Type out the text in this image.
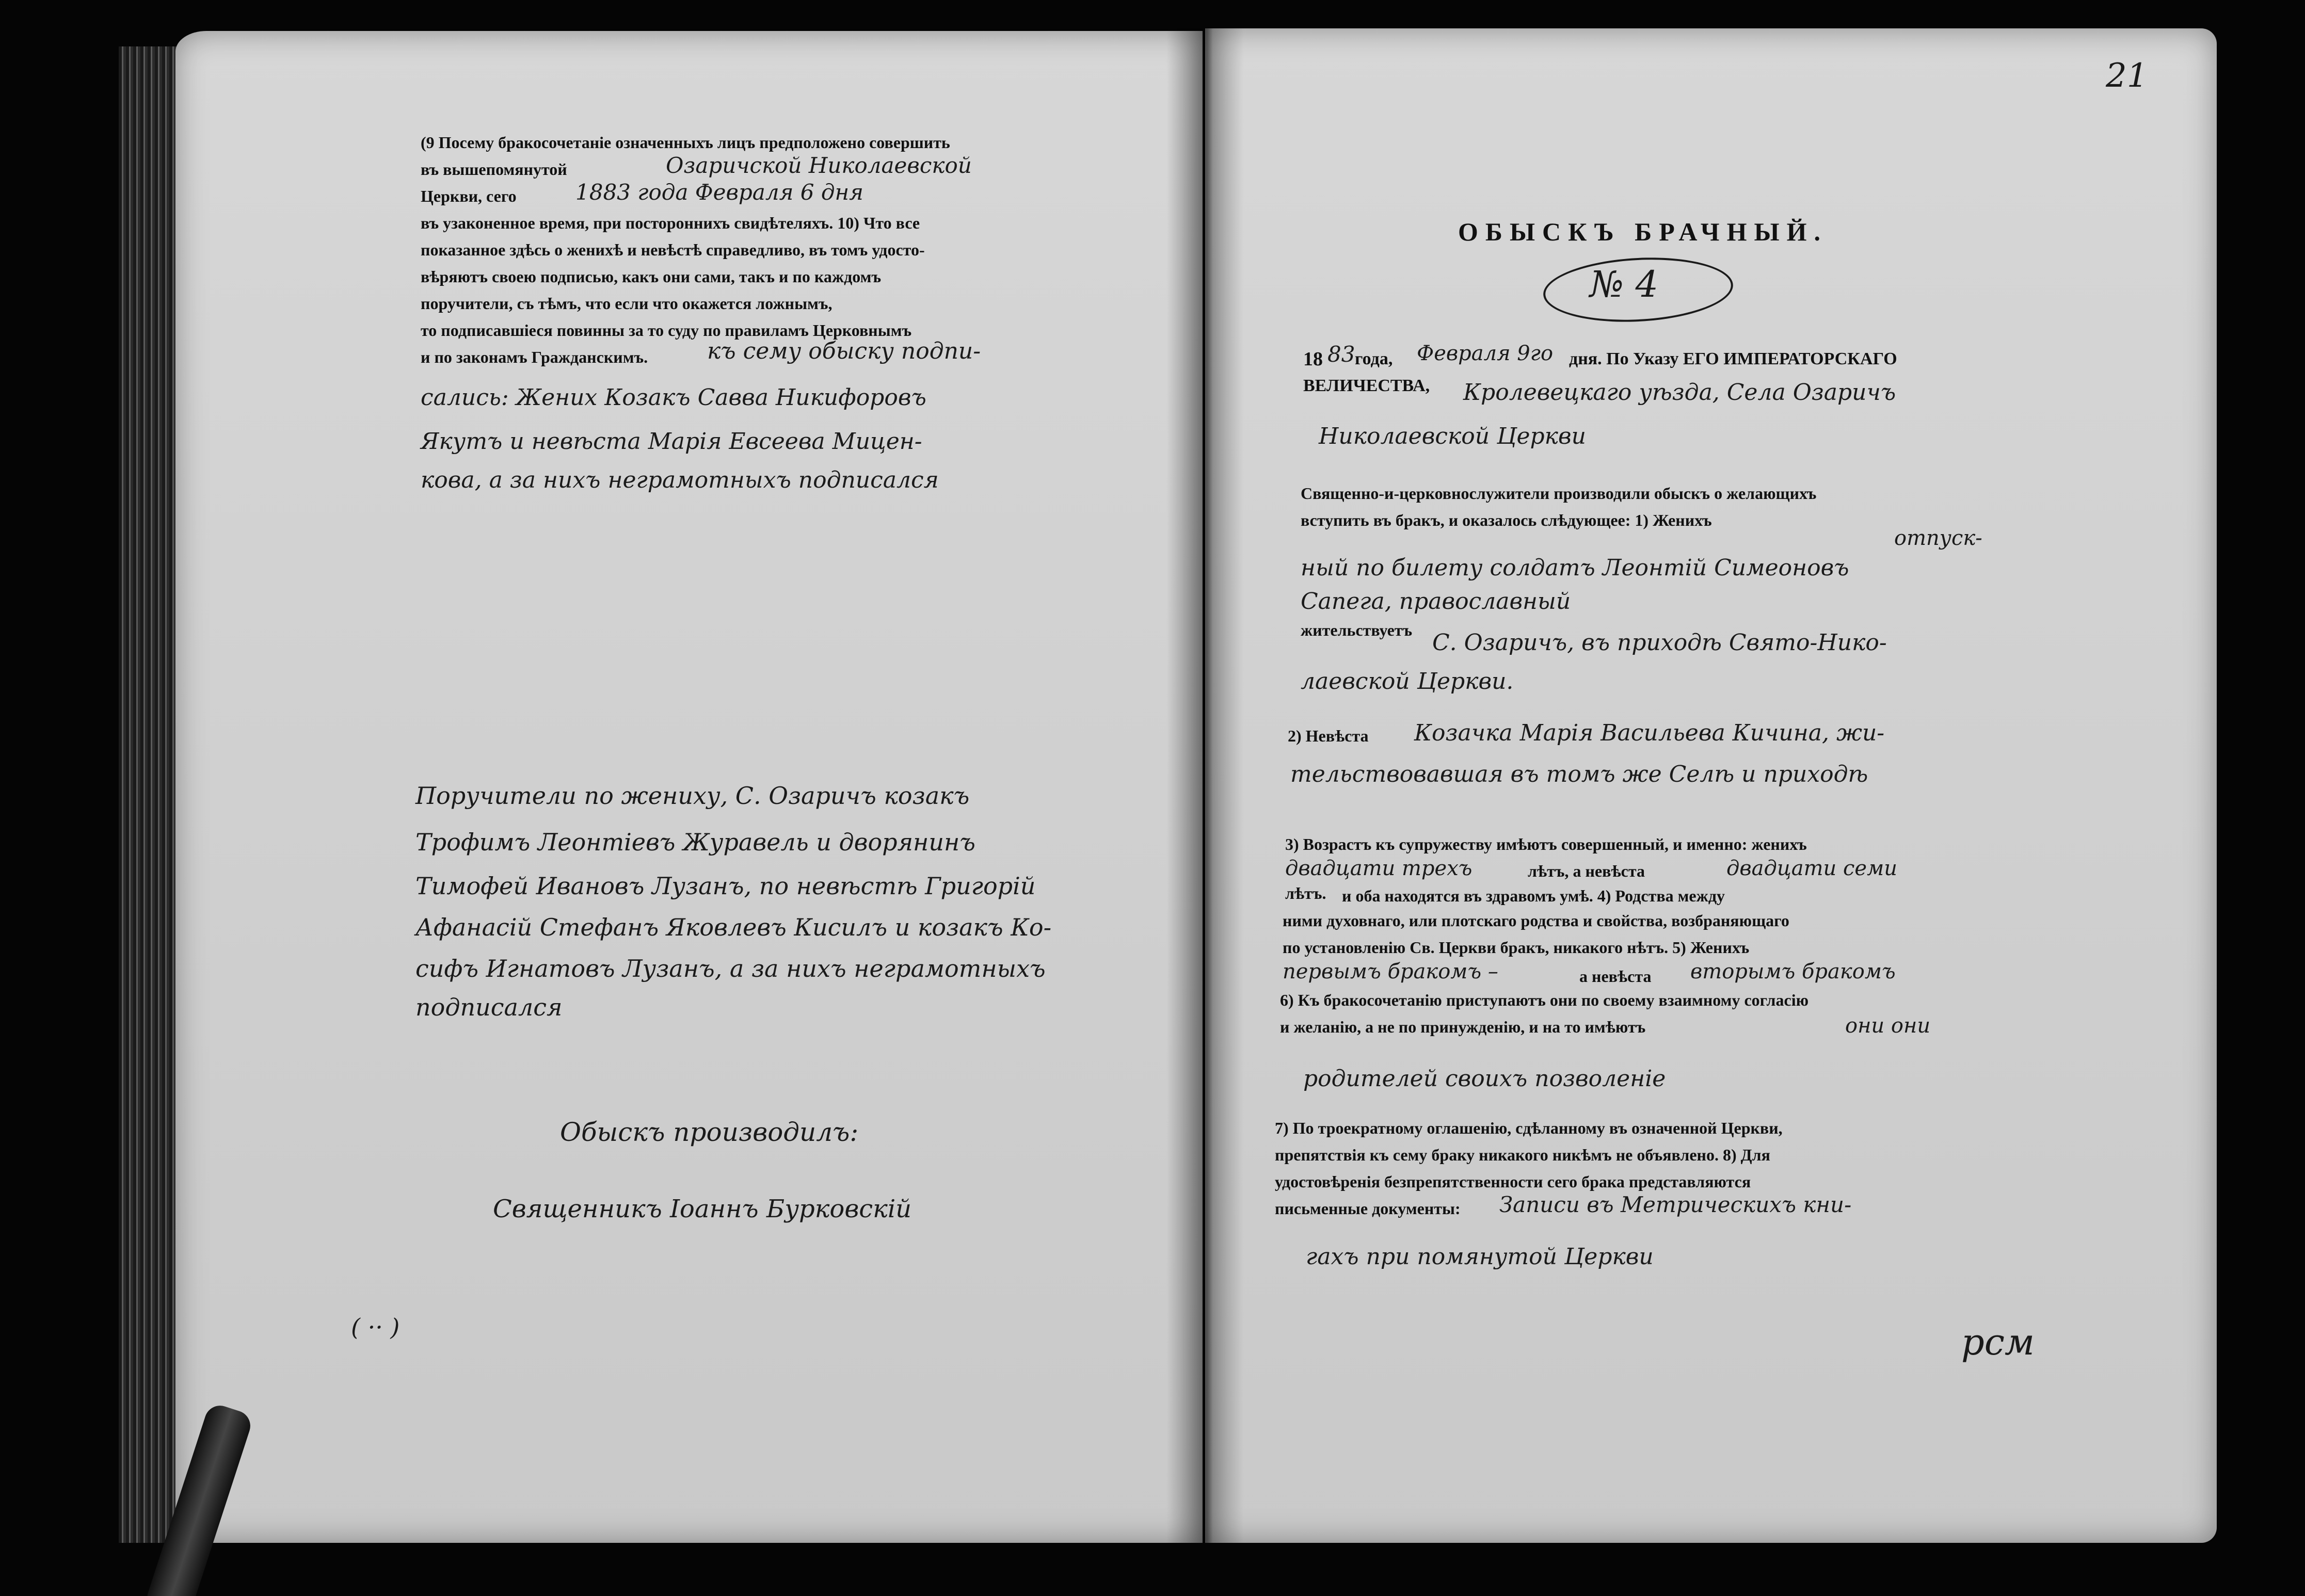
21
(9 Посему бракосочетаніе означенныхъ лицъ предположено совершить
въ вышепомянутой	Озаричской Николаевской
Церкви, сего	1883 года Февраля 6 дня
въ узаконенное время, при постороннихъ свидѣтеляхъ. 10) Что все
показанное здѣсь о женихѣ и невѣстѣ справедливо, въ томъ удосто-
вѣряютъ своею подписью, какъ они сами, такъ и по каждомъ
поручители, съ тѣмъ, что если что окажется ложнымъ,
то подписавшіеся повинны за то суду по правиламъ Церковнымъ
и по законамъ Гражданскимъ.	къ сему обыску подпи-
сались: Жених Козакъ Савва Никифоровъ
Якутъ и невѣста Марія Евсеевa Мицен-
кова, а за нихъ неграмотныхъ подписался
Поручители по жениху, С. Озаричъ козакъ
Трофимъ Леонтіевъ Журавель и дворянинъ
Тимофей Ивановъ Лузанъ, по невѣстѣ Григорій
Афанасій Стефанъ Яковлевъ Кисилъ и козакъ Ко-
сифъ Игнатовъ Лузанъ, а за нихъ неграмотныхъ
подписался
Обыскъ производилъ:
Священникъ Іоаннъ Бурковскій
( ·· )
ОБЫСКЪ БРАЧНЫЙ.
№ 4
18 83 года, Февраля 9го дня. По Указу ЕГО ИМПЕРАТОРСКАГО
ВЕЛИЧЕСТВА, Кролевецкаго уѣзда, Села Озаричъ
Николаевской Церкви
Священно-и-церковнослужители производили обыскъ о желающихъ
вступить въ бракъ, и оказалось слѣдующее: 1) Женихъ
отпуск-
ный по билету солдатъ Леонтій Симеоновъ
Сапега, православный
жительствуетъ С. Озаричъ, въ приходѣ Свято-Нико-
лаевской Церкви.
2) Невѣста Козачка Марія Васильева Кичина, жи-
тельствовавшая въ томъ же Селѣ и приходѣ
3) Возрастъ къ супружеству имѣютъ совершенный, и именно: женихъ
двадцати трехъ	лѣтъ, а невѣста	двадцати семи
лѣтъ. и оба находятся въ здравомъ умѣ. 4) Родства между
ними духовнаго, или плотскаго родства и свойства, возбраняющаго
по установленію Св. Церкви бракъ, никакого нѣтъ. 5) Женихъ
первымъ бракомъ –	а невѣста вторымъ бракомъ
6) Къ бракосочетанію приступаютъ они по своему взаимному согласію
и желанію, а не по принужденію, и на то имѣютъ	они они
родителей своихъ позволеніе
7) По троекратному оглашенію, сдѣланному въ означенной Церкви,
препятствія къ сему браку никакого никѣмъ не объявлено. 8) Для
удостовѣренія безпрепятственности сего брака представляются
письменные документы: Записи въ Метрическихъ кни-
гахъ при помянутой Церкви
рсм
